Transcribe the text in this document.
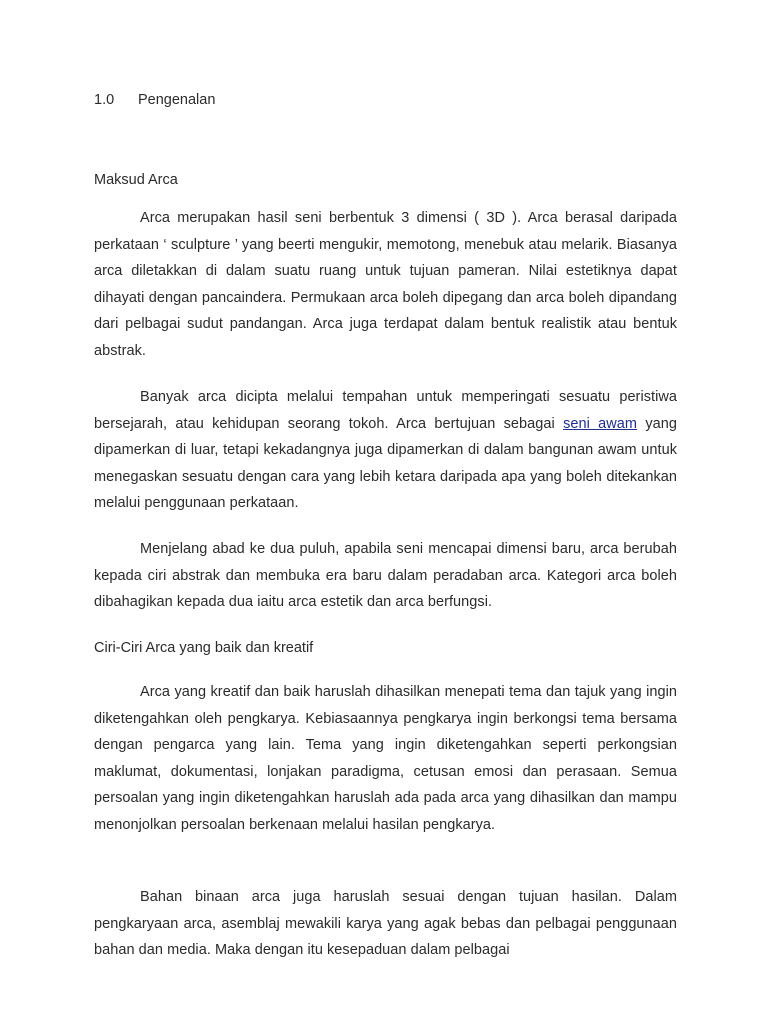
1.0 Pengenalan
Maksud Arca

Arca merupakan hasil seni berbentuk 3 dimensi ( 3D ). Arca berasal daripada perkataan ‘ sculpture ’ yang beerti mengukir, memotong, menebuk atau melarik. Biasanya arca diletakkan di dalam suatu ruang untuk tujuan pameran. Nilai estetiknya dapat dihayati dengan pancaindera. Permukaan arca boleh dipegang dan arca boleh dipandang dari pelbagai sudut pandangan. Arca juga terdapat dalam bentuk realistik atau bentuk abstrak.

Banyak arca dicipta melalui tempahan untuk memperingati sesuatu peristiwa bersejarah, atau kehidupan seorang tokoh. Arca bertujuan sebagai seni awam yang dipamerkan di luar, tetapi kekadangnya juga dipamerkan di dalam bangunan awam untuk menegaskan sesuatu dengan cara yang lebih ketara daripada apa yang boleh ditekankan melalui penggunaan perkataan.

Menjelang abad ke dua puluh, apabila seni mencapai dimensi baru, arca berubah kepada ciri abstrak dan membuka era baru dalam peradaban arca. Kategori arca boleh dibahagikan kepada dua iaitu arca estetik dan arca berfungsi.

Ciri-Ciri Arca yang baik dan kreatif

Arca yang kreatif dan baik haruslah dihasilkan menepati tema dan tajuk yang ingin diketengahkan oleh pengkarya. Kebiasaannya pengkarya ingin berkongsi tema bersama dengan pengarca yang lain. Tema yang ingin diketengahkan seperti perkongsian maklumat, dokumentasi, lonjakan paradigma, cetusan emosi dan perasaan. Semua persoalan yang ingin diketengahkan haruslah ada pada arca yang dihasilkan dan mampu menonjolkan persoalan berkenaan melalui hasilan pengkarya.

Bahan binaan arca juga haruslah sesuai dengan tujuan hasilan. Dalam pengkaryaan arca, asemblaj mewakili karya yang agak bebas dan pelbagai penggunaan bahan dan media. Maka dengan itu kesepaduan dalam pelbagai
